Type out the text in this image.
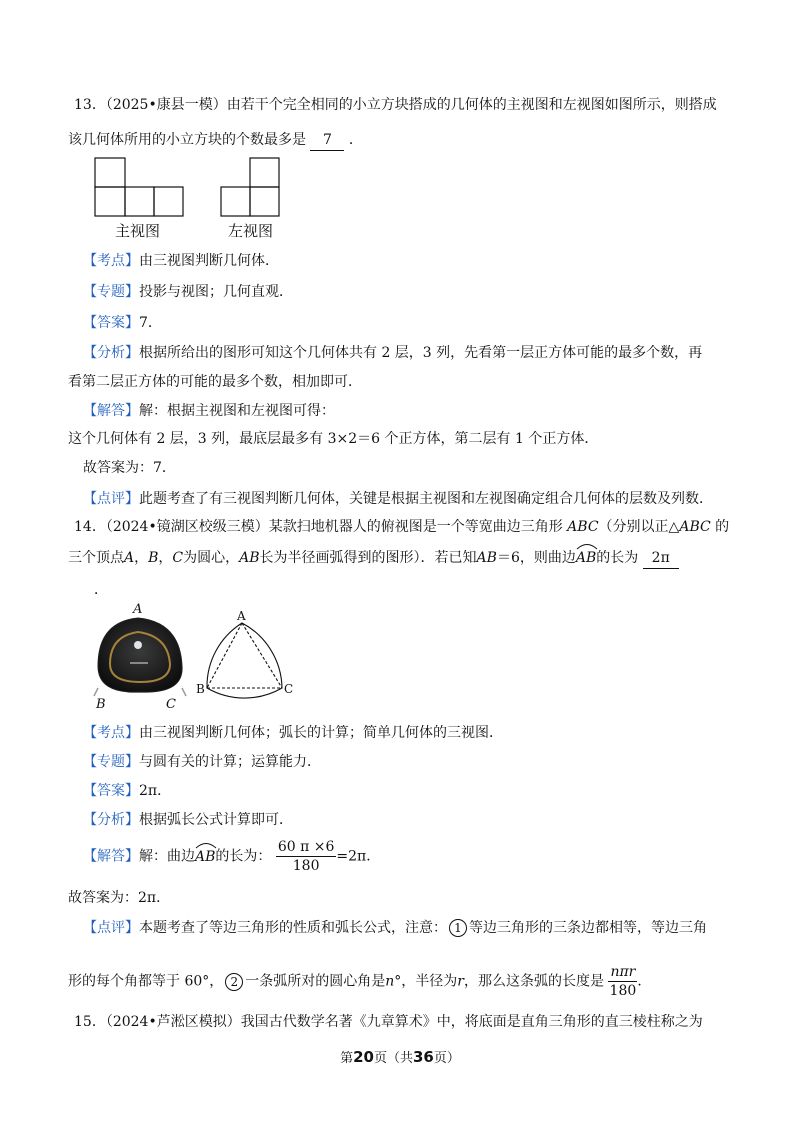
13．（2025•康县一模）由若干个完全相同的小立方块搭成的几何体的主视图和左视图如图所示，则搭成
该几何体所用的小立方块的个数最多是 7 ．
主视图	左视图
【考点】由三视图判断几何体．
【专题】投影与视图；几何直观．
【答案】7．
【分析】根据所给出的图形可知这个几何体共有 2 层，3 列，先看第一层正方体可能的最多个数，再
看第二层正方体的可能的最多个数，相加即可．
【解答】解：根据主视图和左视图可得：
这个几何体有 2 层，3 列，最底层最多有 3×2＝6 个正方体，第二层有 1 个正方体．
故答案为：7．
【点评】此题考查了有三视图判断几何体，关键是根据主视图和左视图确定组合几何体的层数及列数．
14．（2024•镜湖区校级三模）某款扫地机器人的俯视图是一个等宽曲边三角形 ABC（分别以正△ABC 的
三个顶点A，B，C为圆心，AB长为半径画弧得到的图形）．若已知AB＝6，则曲边
AB的长为 2π
．
A
B	C
A
B	C
【考点】由三视图判断几何体；弧长的计算；简单几何体的三视图．
【专题】与圆有关的计算；运算能力．
【答案】2π．
【分析】根据弧长公式计算即可．
【解答】解：曲边
AB的长为： $\frac{60 \pi \times 6}{180} =2\pi$．
故答案为：2π．
【点评】本题考查了等边三角形的性质和弧长公式，注意： 1 等边三角形的三条边都相等，等边三角
形的每个角都等于 60°， 2 一条弧所对的圆心角是n°，半径为r，那么这条弧的长度是 $\frac{\text{nπr}}{180}$ ．
15．（2024•芦淞区模拟）我国古代数学名著《九章算术》中，将底面是直角三角形的直三棱柱称之为
第20页（共36页）
